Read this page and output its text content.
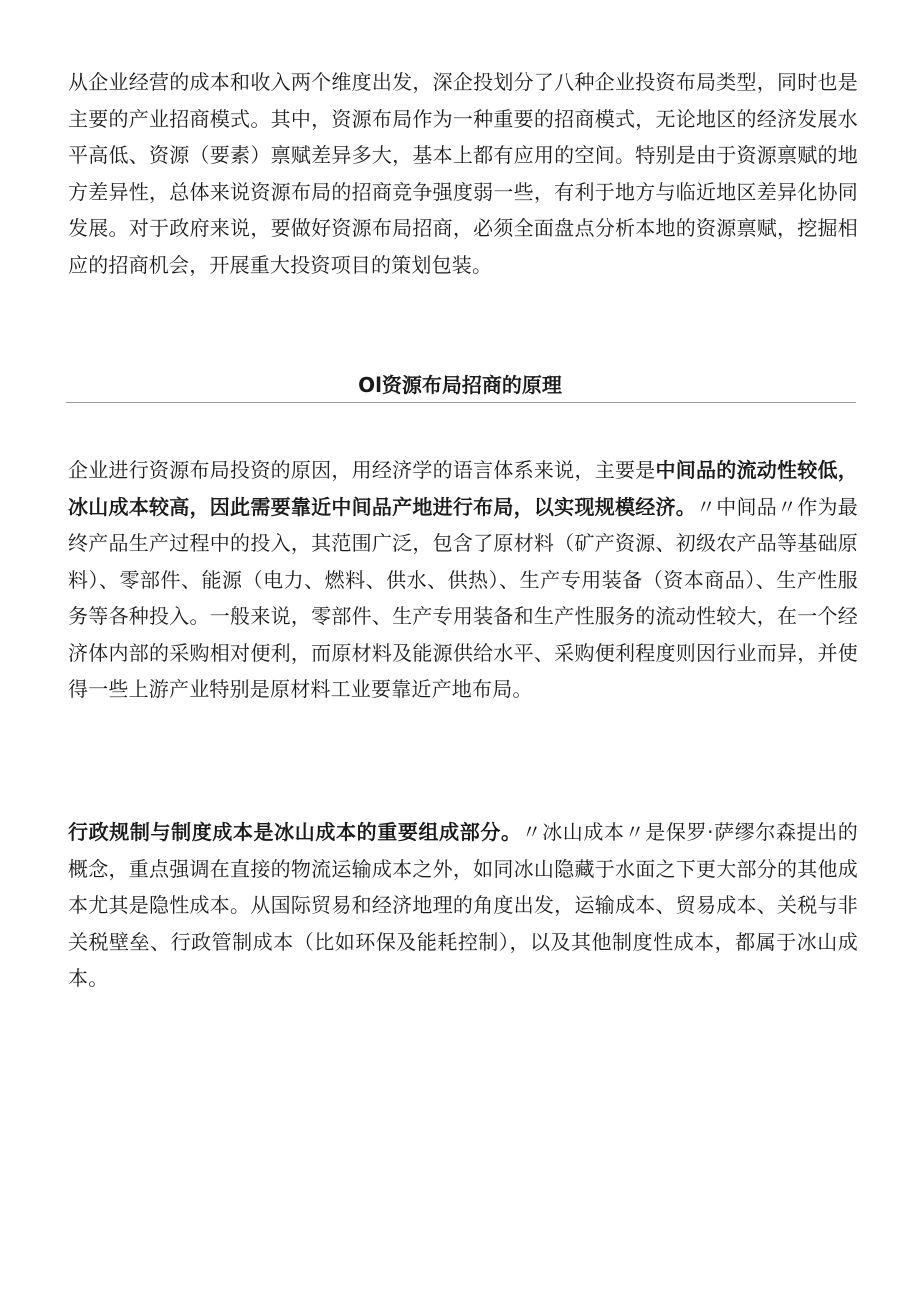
从企业经营的成本和收入两个维度出发，深企投划分了八种企业投资布局类型，同时也是主要的产业招商模式。其中，资源布局作为一种重要的招商模式，无论地区的经济发展水平高低、资源（要素）禀赋差异多大，基本上都有应用的空间。特别是由于资源禀赋的地方差异性，总体来说资源布局的招商竞争强度弱一些，有利于地方与临近地区差异化协同发展。对于政府来说，要做好资源布局招商，必须全面盘点分析本地的资源禀赋，挖掘相应的招商机会，开展重大投资项目的策划包装。

Ol资源布局招商的原理

企业进行资源布局投资的原因，用经济学的语言体系来说，主要是中间品的流动性较低，冰山成本较高，因此需要靠近中间品产地进行布局，以实现规模经济。〃中间品〃作为最终产品生产过程中的投入，其范围广泛，包含了原材料（矿产资源、初级农产品等基础原料）、零部件、能源（电力、燃料、供水、供热）、生产专用装备（资本商品）、生产性服务等各种投入。一般来说，零部件、生产专用装备和生产性服务的流动性较大，在一个经济体内部的采购相对便利，而原材料及能源供给水平、采购便利程度则因行业而异，并使得一些上游产业特别是原材料工业要靠近产地布局。

行政规制与制度成本是冰山成本的重要组成部分。〃冰山成本〃是保罗·萨缪尔森提出的概念，重点强调在直接的物流运输成本之外，如同冰山隐藏于水面之下更大部分的其他成本尤其是隐性成本。从国际贸易和经济地理的角度出发，运输成本、贸易成本、关税与非关税壁垒、行政管制成本（比如环保及能耗控制），以及其他制度性成本，都属于冰山成本。
